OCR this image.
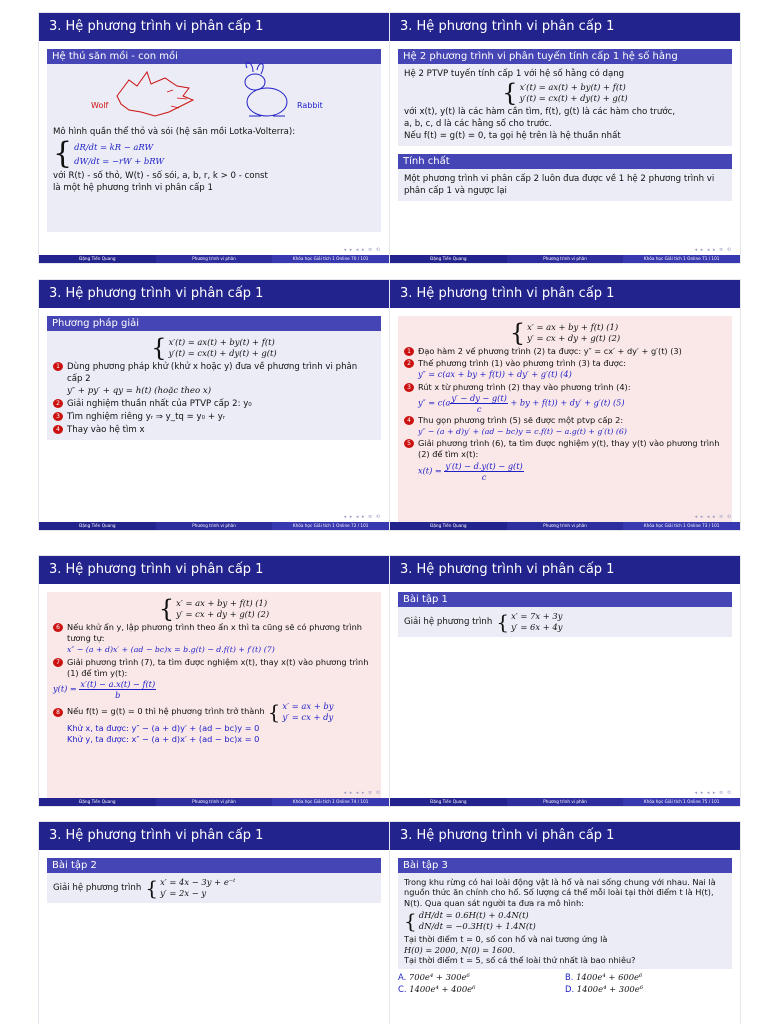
3. Hệ phương trình vi phân cấp 1
Hệ thú săn mồi - con mồi
Wolf	Rabbit
Mô hình quần thể thỏ và sói (hệ săn mồi Lotka-Volterra):
{ dR/dt = kR − aRW
dW/dt = −rW + bRW
với R(t) - số thỏ, W(t) - số sói, a, b, r, k > 0 - const
là một hệ phương trình vi phân cấp 1
◂ ▸ ◂ ▸ ≡ ⟲
Đặng Tiến Quang	Phương trình vi phân	Khóa học Giải tích 1 Online 70 / 101
3. Hệ phương trình vi phân cấp 1
Hệ 2 phương trình vi phân tuyến tính cấp 1 hệ số hằng
Hệ 2 PTVP tuyến tính cấp 1 với hệ số hằng có dạng
{ x′(t) = ax(t) + by(t) + f(t)
y′(t) = cx(t) + dy(t) + g(t)
với x(t), y(t) là các hàm cần tìm, f(t), g(t) là các hàm cho trước,
a, b, c, d là các hằng số cho trước.
Nếu f(t) = g(t) = 0, ta gọi hệ trên là hệ thuần nhất
Tính chất
Một phương trình vi phân cấp 2 luôn đưa được về 1 hệ 2 phương trình vi phân cấp 1 và ngược lại
◂ ▸ ◂ ▸ ≡ ⟲
Đặng Tiến Quang	Phương trình vi phân	Khóa học Giải tích 1 Online 71 / 101
3. Hệ phương trình vi phân cấp 1
Phương pháp giải
{ x′(t) = ax(t) + by(t) + f(t)
y′(t) = cx(t) + dy(t) + g(t)
1 Dùng phương pháp khử (khử x hoặc y) đưa về phương trình vi phân cấp 2
y″ + py′ + qy = h(t) (hoặc theo x)
2 Giải nghiệm thuần nhất của PTVP cấp 2: y₀
3 Tìm nghiệm riêng yᵣ ⇒ y_tq = y₀ + yᵣ
4 Thay vào hệ tìm x
◂ ▸ ◂ ▸ ≡ ⟲
Đặng Tiến Quang	Phương trình vi phân	Khóa học Giải tích 1 Online 72 / 101
3. Hệ phương trình vi phân cấp 1
{ x′ = ax + by + f(t) (1)
y′ = cx + dy + g(t) (2)
1 Đạo hàm 2 vế phương trình (2) ta được: y″ = cx′ + dy′ + g′(t) (3)
2 Thế phương trình (1) vào phương trình (3) ta được:
y″ = c(ax + by + f(t)) + dy′ + g′(t) (4)
3 Rút x từ phương trình (2) thay vào phương trình (4):
$y'' = c(a \frac{y' - dy - g(t)}{c}$ + by + f(t)) + dy′ + g′(t) (5)
4 Thu gọn phương trình (5) sẽ được một ptvp cấp 2:
y″ − (a + d)y′ + (ad − bc)y = c.f(t) − a.g(t) + g′(t) (6)
5 Giải phương trình (6), ta tìm được nghiệm y(t), thay y(t) vào phương trình (2) để tìm x(t):
$x(t) = \frac{y'(t) - d.y(t) - g(t)}{c}$
◂ ▸ ◂ ▸ ≡ ⟲
Đặng Tiến Quang	Phương trình vi phân	Khóa học Giải tích 1 Online 73 / 101
3. Hệ phương trình vi phân cấp 1
{ x′ = ax + by + f(t) (1)
y′ = cx + dy + g(t) (2)
6 Nếu khử ẩn y, lập phương trình theo ẩn x thì ta cũng sẽ có phương trình tương tự:
x″ − (a + d)x′ + (ad − bc)x = b.g(t) − d.f(t) + f′(t) (7)
7 Giải phương trình (7), ta tìm được nghiệm x(t), thay x(t) vào phương trình (1) để tìm y(t):
$y(t) = \frac{x'(t) - a.x(t) - f(t)}{b}$
8 Nếu f(t) = g(t) = 0 thì hệ phương trình trở thành { x′ = ax + by
y′ = cx + dy
Khử x, ta được: y″ − (a + d)y′ + (ad − bc)y = 0
Khử y, ta được: x″ − (a + d)x′ + (ad − bc)x = 0
◂ ▸ ◂ ▸ ≡ ⟲
Đặng Tiến Quang	Phương trình vi phân	Khóa học Giải tích 1 Online 74 / 101
3. Hệ phương trình vi phân cấp 1
Bài tập 1
Giải hệ phương trình { x′ = 7x + 3y
y′ = 6x + 4y
◂ ▸ ◂ ▸ ≡ ⟲
Đặng Tiến Quang	Phương trình vi phân	Khóa học Giải tích 1 Online 75 / 101
3. Hệ phương trình vi phân cấp 1
Bài tập 2
Giải hệ phương trình { x′ = 4x − 3y + e⁻ᵗ
y′ = 2x − y
3. Hệ phương trình vi phân cấp 1
Bài tập 3
Trong khu rừng có hai loài động vật là hổ và nai sống chung với nhau. Nai là nguồn thức ăn chính cho hổ. Số lượng cá thể mỗi loài tại thời điểm t là H(t), N(t). Qua quan sát người ta đưa ra mô hình:
{ dH/dt = 0.6H(t) + 0.4N(t)
dN/dt = −0.3H(t) + 1.4N(t)
Tại thời điểm t = 0, số con hổ và nai tương ứng là
H(0) = 2000, N(0) = 1600.
Tại thời điểm t = 5, số cá thể loài thứ nhất là bao nhiêu?
A. 700e⁴ + 300e⁶	B. 1400e⁴ + 600e⁶
C. 1400e⁴ + 400e⁶	D. 1400e⁴ + 300e⁶
